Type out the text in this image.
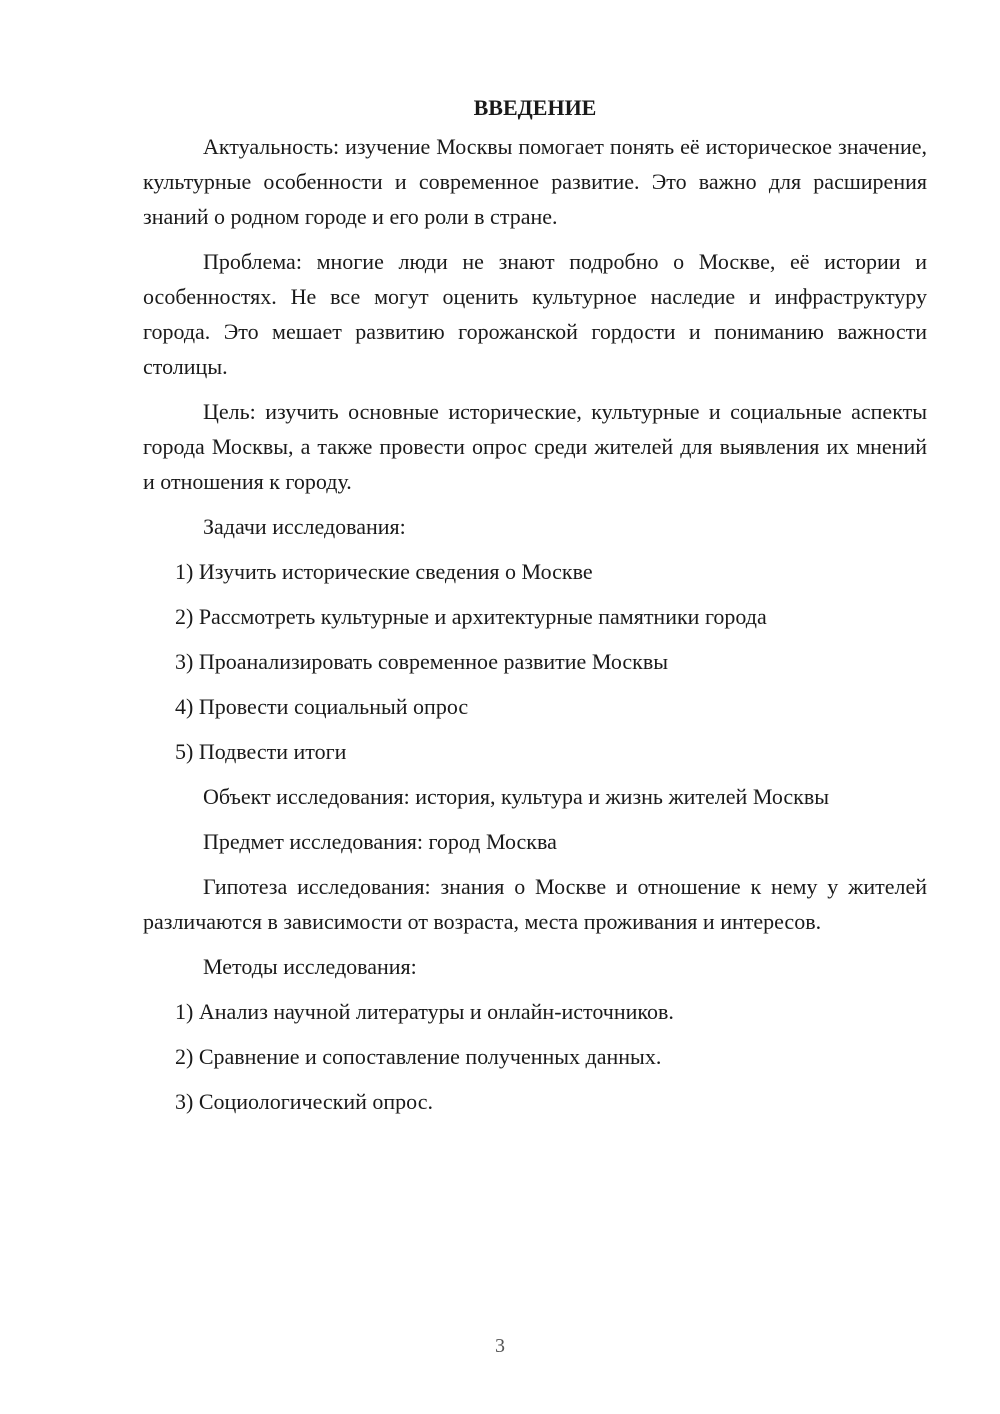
ВВЕДЕНИЕ

Актуальность: изучение Москвы помогает понять её историческое значение, культурные особенности и современное развитие. Это важно для расширения знаний о родном городе и его роли в стране.

Проблема: многие люди не знают подробно о Москве, её истории и особенностях. Не все могут оценить культурное наследие и инфраструктуру города. Это мешает развитию горожанской гордости и пониманию важности столицы.

Цель: изучить основные исторические, культурные и социальные аспекты города Москвы, а также провести опрос среди жителей для выявления их мнений и отношения к городу.

Задачи исследования:

1) Изучить исторические сведения о Москве

2) Рассмотреть культурные и архитектурные памятники города

3) Проанализировать современное развитие Москвы

4) Провести социальный опрос

5) Подвести итоги

Объект исследования: история, культура и жизнь жителей Москвы

Предмет исследования: город Москва

Гипотеза исследования: знания о Москве и отношение к нему у жителей различаются в зависимости от возраста, места проживания и интересов.

Методы исследования:

1) Анализ научной литературы и онлайн-источников.

2) Сравнение и сопоставление полученных данных.

3) Социологический опрос.

3
